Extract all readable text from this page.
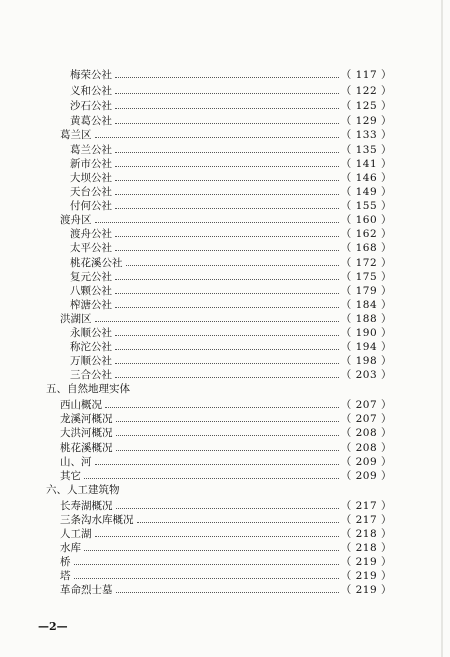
梅荣公社	（ 117 ）
义和公社	（ 122 ）
沙石公社	（ 125 ）
黄葛公社	（ 129 ）
葛兰区	（ 133 ）
葛兰公社	（ 135 ）
新市公社	（ 141 ）
大坝公社	（ 146 ）
天台公社	（ 149 ）
付何公社	（ 155 ）
渡舟区	（ 160 ）
渡舟公社	（ 162 ）
太平公社	（ 168 ）
桃花溪公社	（ 172 ）
复元公社	（ 175 ）
八颗公社	（ 179 ）
榨溏公社	（ 184 ）
洪湖区	（ 188 ）
永顺公社	（ 190 ）
称沱公社	（ 194 ）
万顺公社	（ 198 ）
三合公社	（ 203 ）
五、自然地理实体
西山概况	（ 207 ）
龙溪河概况	（ 207 ）
大洪河概况	（ 208 ）
桃花溪概况	（ 208 ）
山、河	（ 209 ）
其它	（ 209 ）
六、人工建筑物
长寿湖概况	（ 217 ）
三条沟水库概况	（ 217 ）
人工湖	（ 218 ）
水库	（ 218 ）
桥	（ 219 ）
塔	（ 219 ）
革命烈士墓	（ 219 ）
—2—
